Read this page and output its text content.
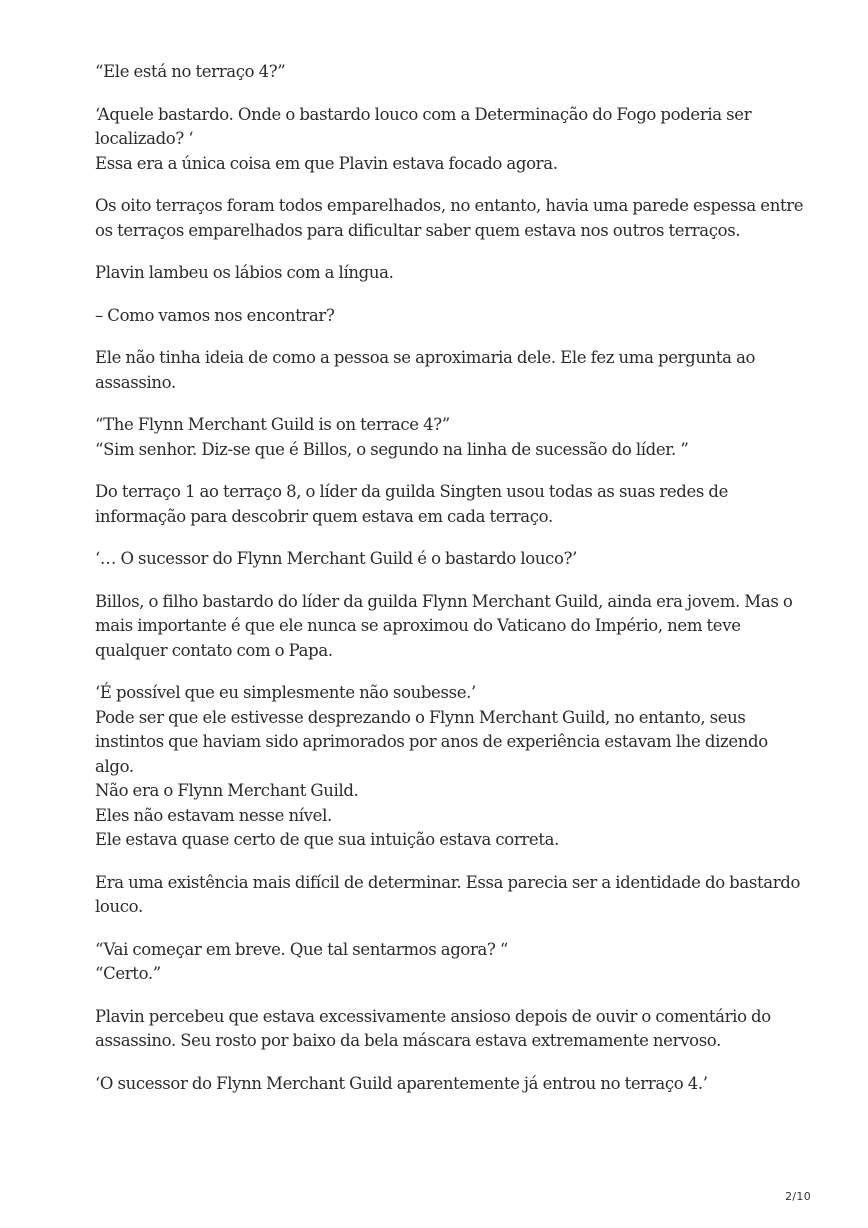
“Ele está no terraço 4?”

‘Aquele bastardo. Onde o bastardo louco com a Determinação do Fogo poderia ser
localizado? ‘
Essa era a única coisa em que Plavin estava focado agora.

Os oito terraços foram todos emparelhados, no entanto, havia uma parede espessa entre
os terraços emparelhados para dificultar saber quem estava nos outros terraços.

Plavin lambeu os lábios com a língua.

– Como vamos nos encontrar?

Ele não tinha ideia de como a pessoa se aproximaria dele. Ele fez uma pergunta ao
assassino.

“The Flynn Merchant Guild is on terrace 4?”
“Sim senhor. Diz-se que é Billos, o segundo na linha de sucessão do líder. ”

Do terraço 1 ao terraço 8, o líder da guilda Singten usou todas as suas redes de
informação para descobrir quem estava em cada terraço.

‘… O sucessor do Flynn Merchant Guild é o bastardo louco?’

Billos, o filho bastardo do líder da guilda Flynn Merchant Guild, ainda era jovem. Mas o
mais importante é que ele nunca se aproximou do Vaticano do Império, nem teve
qualquer contato com o Papa.

‘É possível que eu simplesmente não soubesse.’
Pode ser que ele estivesse desprezando o Flynn Merchant Guild, no entanto, seus
instintos que haviam sido aprimorados por anos de experiência estavam lhe dizendo
algo.
Não era o Flynn Merchant Guild.
Eles não estavam nesse nível.
Ele estava quase certo de que sua intuição estava correta.

Era uma existência mais difícil de determinar. Essa parecia ser a identidade do bastardo
louco.

“Vai começar em breve. Que tal sentarmos agora? “
“Certo.”

Plavin percebeu que estava excessivamente ansioso depois de ouvir o comentário do
assassino. Seu rosto por baixo da bela máscara estava extremamente nervoso.

‘O sucessor do Flynn Merchant Guild aparentemente já entrou no terraço 4.’

2/10
